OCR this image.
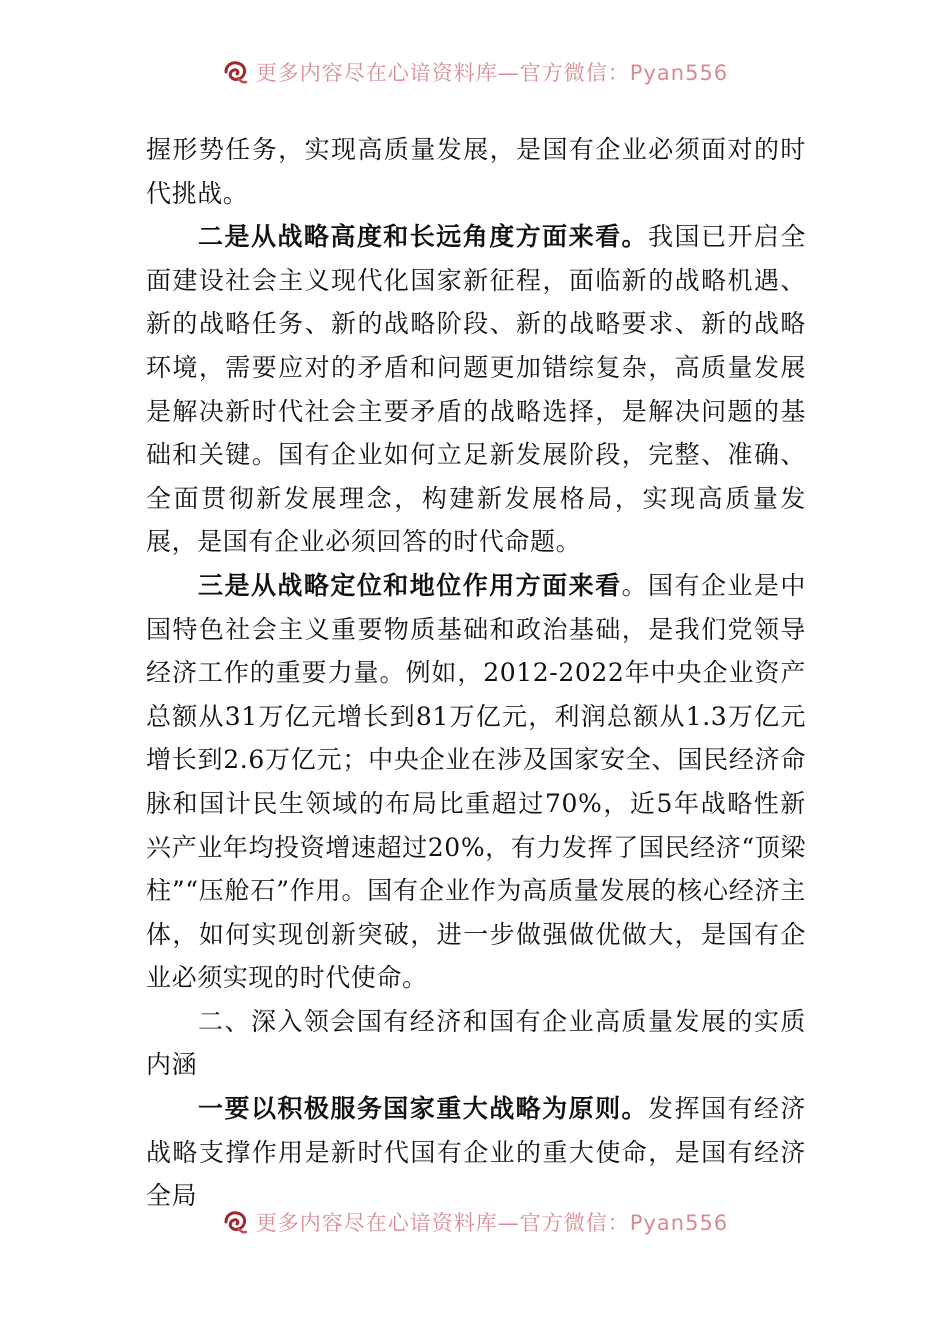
更多内容尽在心谙资料库—官方微信：Pyan556

握形势任务，实现高质量发展，是国有企业必须面对的时代挑战。

二是从战略高度和长远角度方面来看。我国已开启全面建设社会主义现代化国家新征程，面临新的战略机遇、新的战略任务、新的战略阶段、新的战略要求、新的战略环境，需要应对的矛盾和问题更加错综复杂，高质量发展是解决新时代社会主要矛盾的战略选择，是解决问题的基础和关键。国有企业如何立足新发展阶段，完整、准确、全面贯彻新发展理念，构建新发展格局，实现高质量发展，是国有企业必须回答的时代命题。

三是从战略定位和地位作用方面来看。国有企业是中国特色社会主义重要物质基础和政治基础，是我们党领导经济工作的重要力量。例如，2012-2022年中央企业资产总额从31万亿元增长到81万亿元，利润总额从1.3万亿元增长到2.6万亿元；中央企业在涉及国家安全、国民经济命脉和国计民生领域的布局比重超过70%，近5年战略性新兴产业年均投资增速超过20%，有力发挥了国民经济“顶梁柱”“压舱石”作用。国有企业作为高质量发展的核心经济主体，如何实现创新突破，进一步做强做优做大，是国有企业必须实现的时代使命。

二、深入领会国有经济和国有企业高质量发展的实质内涵

一要以积极服务国家重大战略为原则。发挥国有经济战略支撑作用是新时代国有企业的重大使命，是国有经济全局

更多内容尽在心谙资料库—官方微信：Pyan556
